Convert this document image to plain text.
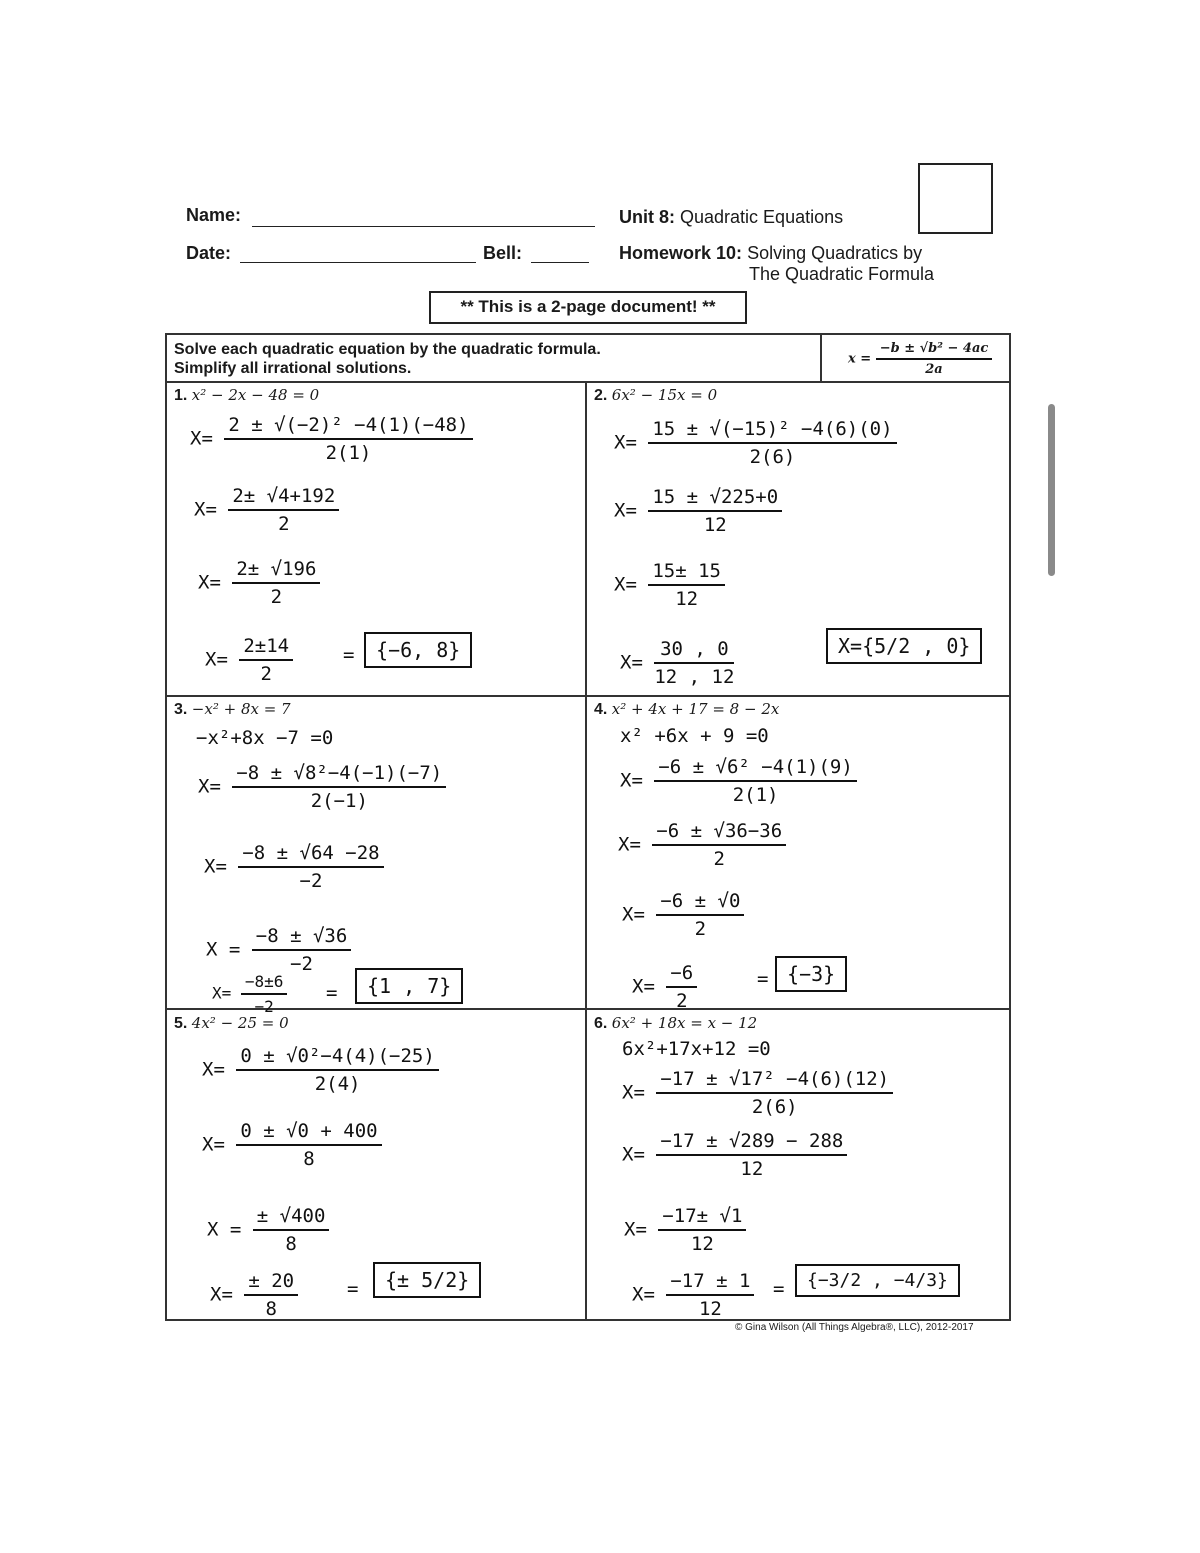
Name:
Date:	Bell:
Unit 8: Quadratic Equations
Homework 10: Solving Quadratics by
The Quadratic Formula
** This is a 2-page document! **
Solve each quadratic equation by the quadratic formula.
Simplify all irrational solutions.
$x = \frac{\text{−b ± √b² − 4ac}}{2a}$
1. x² − 2x − 48 = 0
$X= \frac{\text{2 ± √(−2)² −4(1)(−48)}}{2(1)}$
$X= \frac{2\pm √4+192}{2}$
$X= \frac{2\pm √196}{2}$
$X= \frac{2\pm 14}{2}$	=	{−6, 8}
2. 6x² − 15x = 0
$X= \frac{\text{15 ± √(−15)² −4(6)(0)}}{2(6)}$
$X= \frac{15 \pm √225+0}{12}$
$X= \frac{15\pm 15}{12}$
$X= \frac{30 , 0}{12 , 12}$	X={5/2 , 0}
3. −x² + 8x = 7
−x²+8x −7 =0
$X= \frac{\text{−8 ± √8²−4(−1)(−7)}}{2(-1)}$
$X= \frac{-8 \pm √64 -28}{-2}$
$X = \frac{-8 \pm √36}{-2}$
$X= \frac{-8\pm 6}{-2}$ =	{1 , 7}
4. x² + 4x + 17 = 8 − 2x
x² +6x + 9 =0
$X= \frac{\text{−6 ± √6² −4(1)(9)}}{2(1)}$
$X= \frac{-6 \pm √36-36}{2}$
$X= \frac{-6 \pm √0}{2}$
$X= \frac{-6}{2}$	= {−3}
5. 4x² − 25 = 0
$X= \frac{\text{0 ± √0²−4(4)(−25)}}{2(4)}$
$X= \frac{0 \pm √0 + 400}{8}$
$X = \frac{\pm √400}{8}$
$X= \frac{\pm 20}{8}$	=	{± 5/2}
6. 6x² + 18x = x − 12
6x²+17x+12 =0
$X= \frac{\text{−17 ± √17² −4(6)(12)}}{2(6)}$
$X= \frac{-17 \pm √289 - 288}{12}$
$X= \frac{-17\pm √1}{12}$
$X= \frac{-17 \pm 1}{12}$ =	{−3/2 , −4/3}
© Gina Wilson (All Things Algebra®, LLC), 2012-2017
